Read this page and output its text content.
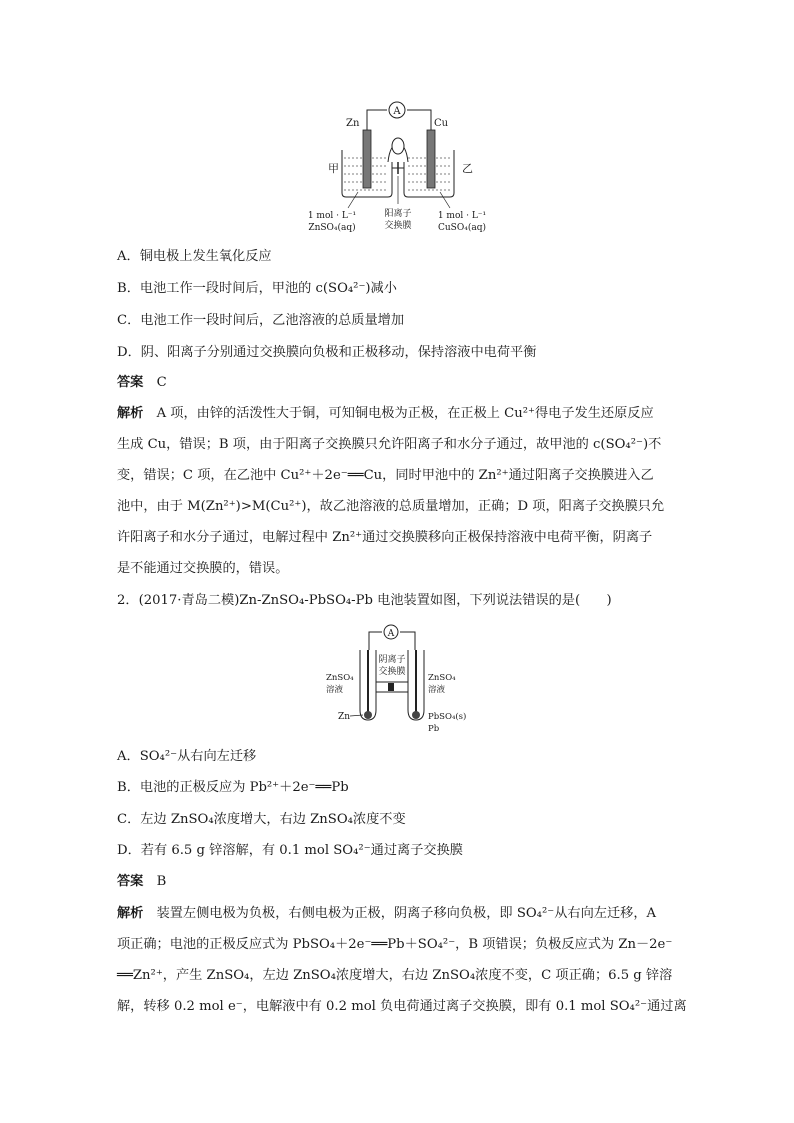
A
Zn	Cu
甲	乙
1 mol · L⁻¹
ZnSO₄(aq)
阳离子
交换膜
1 mol · L⁻¹
CuSO₄(aq)
A．铜电极上发生氧化反应
B．电池工作一段时间后，甲池的 c(SO₄²⁻)减小
C．电池工作一段时间后，乙池溶液的总质量增加
D．阴、阳离子分别通过交换膜向负极和正极移动，保持溶液中电荷平衡
答案　 C
解析　 A 项，由锌的活泼性大于铜，可知铜电极为正极，在正极上 Cu²⁺得电子发生还原反应
生成 Cu，错误；B 项，由于阳离子交换膜只允许阳离子和水分子通过，故甲池的 c(SO₄²⁻)不
变，错误；C 项，在乙池中 Cu²⁺＋2e⁻══Cu，同时甲池中的 Zn²⁺通过阳离子交换膜进入乙
池中，由于 M(Zn²⁺)>M(Cu²⁺)，故乙池溶液的总质量增加，正确；D 项，阳离子交换膜只允
许阳离子和水分子通过，电解过程中 Zn²⁺通过交换膜移向正极保持溶液中电荷平衡，阴离子
是不能通过交换膜的，错误。
2．(2017·青岛二模)Zn-ZnSO₄-PbSO₄-Pb 电池装置如图，下列说法错误的是(　　)
A
阴离子
交换膜
ZnSO₄
溶液
ZnSO₄
溶液
Zn	PbSO₄(s)
Pb
A．SO₄²⁻从右向左迁移
B．电池的正极反应为 Pb²⁺＋2e⁻══Pb
C．左边 ZnSO₄浓度增大，右边 ZnSO₄浓度不变
D．若有 6.5 g 锌溶解，有 0.1 mol SO₄²⁻通过离子交换膜
答案　 B
解析　 装置左侧电极为负极，右侧电极为正极，阴离子移向负极，即 SO₄²⁻从右向左迁移，A
项正确；电池的正极反应式为 PbSO₄＋2e⁻══Pb＋SO₄²⁻，B 项错误；负极反应式为 Zn－2e⁻
══Zn²⁺，产生 ZnSO₄，左边 ZnSO₄浓度增大，右边 ZnSO₄浓度不变，C 项正确；6.5 g 锌溶
解，转移 0.2 mol e⁻，电解液中有 0.2 mol 负电荷通过离子交换膜，即有 0.1 mol SO₄²⁻通过离
